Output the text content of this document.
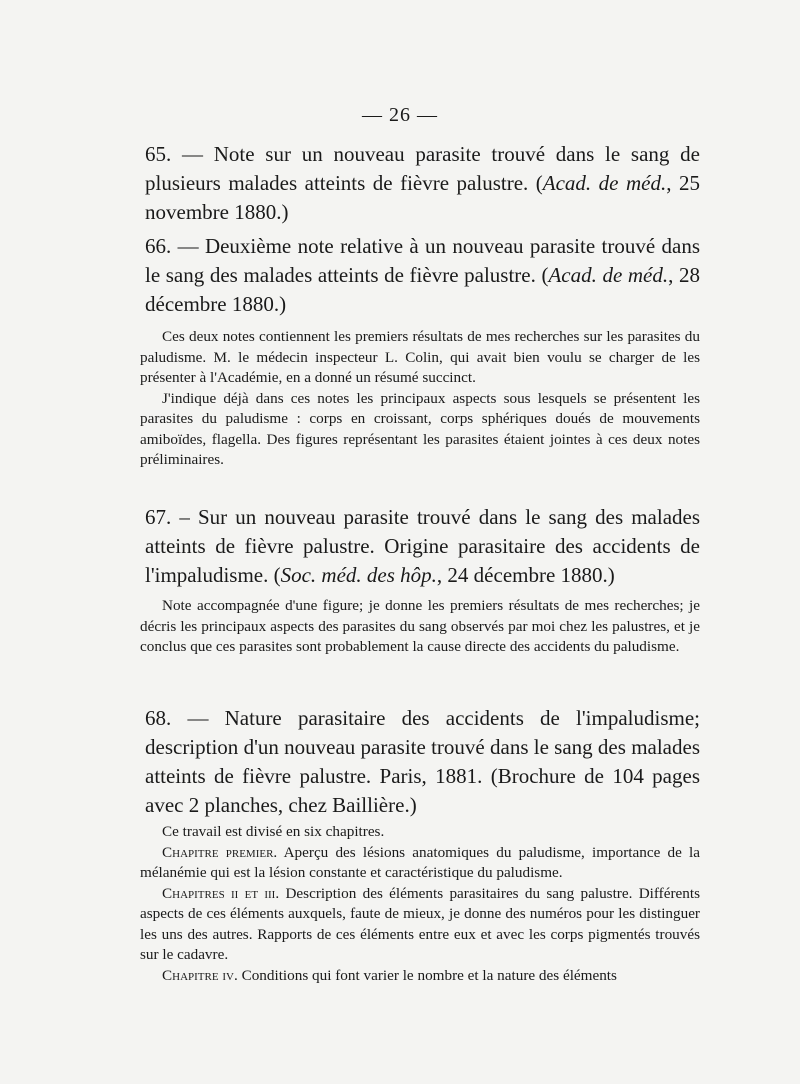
— 26 —
65. — Note sur un nouveau parasite trouvé dans le sang de plusieurs malades atteints de fièvre palustre. (Acad. de méd., 25 novembre 1880.)
66. — Deuxième note relative à un nouveau parasite trouvé dans le sang des malades atteints de fièvre palustre. (Acad. de méd., 28 décembre 1880.)

Ces deux notes contiennent les premiers résultats de mes recherches sur les parasites du paludisme. M. le médecin inspecteur L. Colin, qui avait bien voulu se charger de les présenter à l'Académie, en a donné un résumé succinct.

J'indique déjà dans ces notes les principaux aspects sous lesquels se présentent les parasites du paludisme : corps en croissant, corps sphériques doués de mouvements amiboïdes, flagella. Des figures représentant les parasites étaient jointes à ces deux notes préliminaires.

67. – Sur un nouveau parasite trouvé dans le sang des malades atteints de fièvre palustre. Origine parasitaire des accidents de l'impaludisme. (Soc. méd. des hôp., 24 décembre 1880.)

Note accompagnée d'une figure; je donne les premiers résultats de mes recherches; je décris les principaux aspects des parasites du sang observés par moi chez les palustres, et je conclus que ces parasites sont probablement la cause directe des accidents du paludisme.

68. — Nature parasitaire des accidents de l'impaludisme; description d'un nouveau parasite trouvé dans le sang des malades atteints de fièvre palustre. Paris, 1881. (Brochure de 104 pages avec 2 planches, chez Baillière.)

Ce travail est divisé en six chapitres.

Chapitre premier. Aperçu des lésions anatomiques du paludisme, importance de la mélanémie qui est la lésion constante et caractéristique du paludisme.

Chapitres ii et iii. Description des éléments parasitaires du sang palustre. Différents aspects de ces éléments auxquels, faute de mieux, je donne des numéros pour les distinguer les uns des autres. Rapports de ces éléments entre eux et avec les corps pigmentés trouvés sur le cadavre.

Chapitre iv. Conditions qui font varier le nombre et la nature des éléments
